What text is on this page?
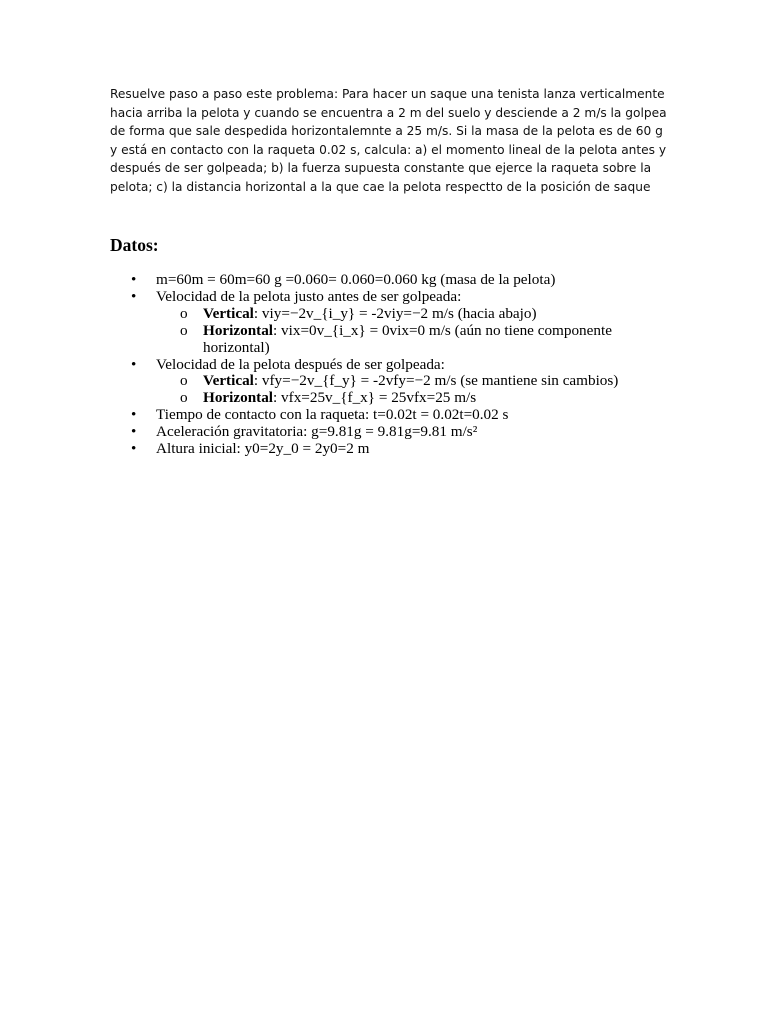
Resuelve paso a paso este problema: Para hacer un saque una tenista lanza verticalmente hacia arriba la pelota y cuando se encuentra a 2 m del suelo y desciende a 2 m/s la golpea de forma que sale despedida horizontalemnte a 25 m/s. Si la masa de la pelota es de 60 g y está en contacto con la raqueta 0.02 s, calcula: a) el momento lineal de la pelota antes y después de ser golpeada; b) la fuerza supuesta constante que ejerce la raqueta sobre la pelota; c) la distancia horizontal a la que cae la pelota respectto de la posición de saque

Datos:
• m=60m = 60m=60 g =0.060= 0.060=0.060 kg (masa de la pelota)
• Velocidad de la pelota justo antes de ser golpeada:
o Vertical: viy=−2v_{i_y} = -2viy=−2 m/s (hacia abajo)
o Horizontal: vix=0v_{i_x} = 0vix=0 m/s (aún no tiene componente horizontal)
• Velocidad de la pelota después de ser golpeada:
o Vertical: vfy=−2v_{f_y} = -2vfy=−2 m/s (se mantiene sin cambios)
o Horizontal: vfx=25v_{f_x} = 25vfx=25 m/s
• Tiempo de contacto con la raqueta: t=0.02t = 0.02t=0.02 s
• Aceleración gravitatoria: g=9.81g = 9.81g=9.81 m/s²
• Altura inicial: y0=2y_0 = 2y0=2 m
